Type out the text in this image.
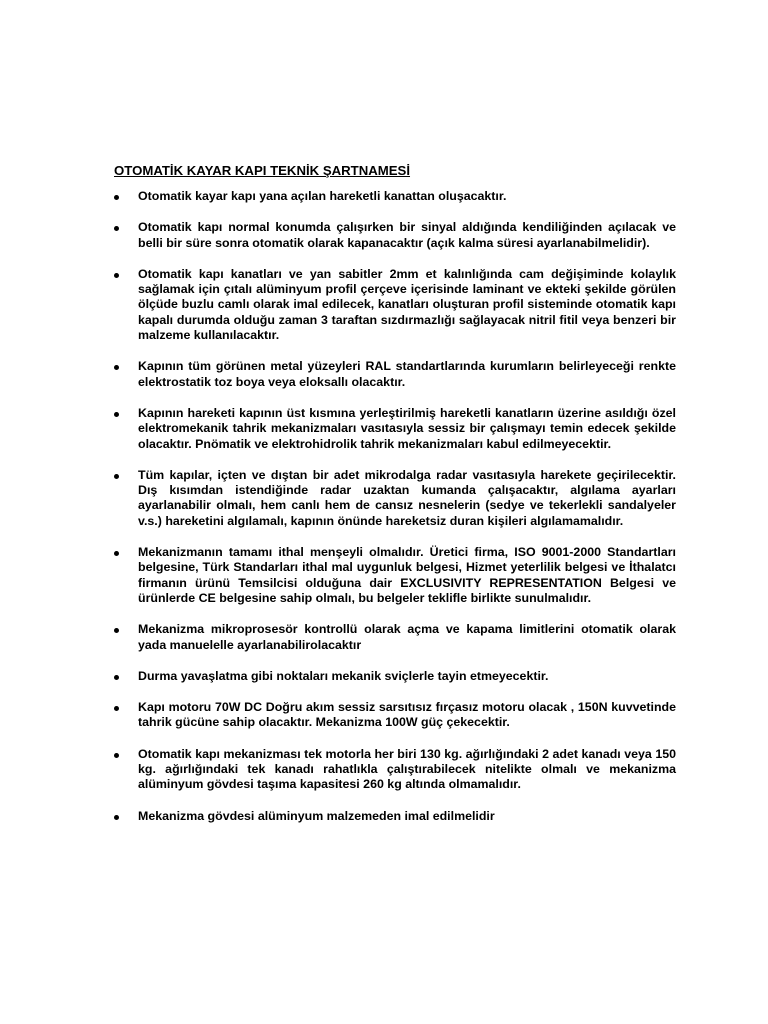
OTOMATİK KAYAR KAPI TEKNİK ŞARTNAMESİ
Otomatik kayar kapı yana açılan hareketli kanattan oluşacaktır.
Otomatik kapı normal konumda çalışırken bir sinyal aldığında kendiliğinden açılacak ve belli bir süre sonra otomatik olarak kapanacaktır (açık kalma süresi ayarlanabilmelidir).
Otomatik kapı kanatları ve yan sabitler 2mm et kalınlığında cam değişiminde kolaylık sağlamak için çıtalı alüminyum profil çerçeve içerisinde laminant ve ekteki şekilde görülen ölçüde buzlu camlı olarak imal edilecek, kanatları oluşturan profil sisteminde otomatik kapı kapalı durumda olduğu zaman 3 taraftan sızdırmazlığı sağlayacak nitril fitil veya benzeri bir malzeme kullanılacaktır.
Kapının tüm görünen metal yüzeyleri RAL standartlarında kurumların belirleyeceği renkte elektrostatik toz boya veya eloksallı olacaktır.
Kapının hareketi kapının üst kısmına yerleştirilmiş hareketli kanatların üzerine asıldığı özel elektromekanik tahrik mekanizmaları vasıtasıyla sessiz bir çalışmayı temin edecek şekilde olacaktır. Pnömatik ve elektrohidrolik tahrik mekanizmaları kabul edilmeyecektir.
Tüm kapılar, içten ve dıştan bir adet mikrodalga radar vasıtasıyla harekete geçirilecektir. Dış kısımdan istendiğinde radar uzaktan kumanda çalışacaktır, algılama ayarları ayarlanabilir olmalı, hem canlı hem de cansız nesnelerin (sedye ve tekerlekli sandalyeler v.s.) hareketini algılamalı, kapının önünde hareketsiz duran kişileri algılamamalıdır.
Mekanizmanın tamamı ithal menşeyli olmalıdır. Üretici firma, ISO 9001-2000 Standartları belgesine, Türk Standarları ithal mal uygunluk belgesi, Hizmet yeterlilik belgesi ve İthalatcı firmanın ürünü Temsilcisi olduğuna dair EXCLUSIVITY REPRESENTATION Belgesi ve ürünlerde CE belgesine sahip olmalı, bu belgeler teklifle birlikte sunulmalıdır.
Mekanizma mikroprosesör kontrollü olarak açma ve kapama limitlerini otomatik olarak yada manuelelle ayarlanabilirolacaktır
Durma yavaşlatma gibi noktaları mekanik sviçlerle tayin etmeyecektir.
Kapı motoru 70W DC Doğru akım sessiz sarsıtısız fırçasız motoru olacak , 150N kuvvetinde tahrik gücüne sahip olacaktır. Mekanizma 100W güç çekecektir.
Otomatik kapı mekanizması tek motorla her biri 130 kg. ağırlığındaki 2 adet kanadı veya 150 kg. ağırlığındaki tek kanadı rahatlıkla çalıştırabilecek nitelikte olmalı ve mekanizma alüminyum gövdesi taşıma kapasitesi 260 kg altında olmamalıdır.
Mekanizma gövdesi alüminyum malzemeden imal edilmelidir
